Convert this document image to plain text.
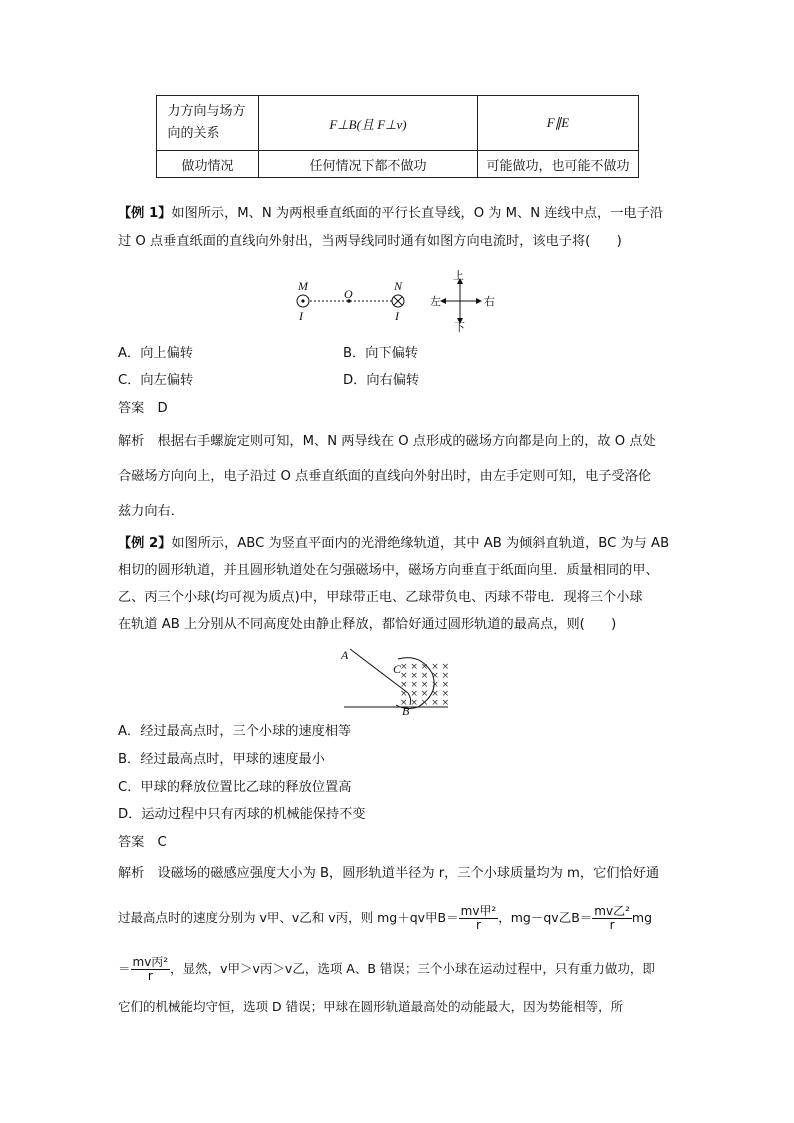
力方向与场方向的关系	F⊥B(且 F⊥v)	F∥E
做功情况	任何情况下都不做功	可能做功，也可能不做功
【例 1】如图所示，M、N 为两根垂直纸面的平行长直导线，O 为 M、N 连线中点，一电子沿
过 O 点垂直纸面的直线向外射出，当两导线同时通有如图方向电流时，该电子将(　　)
M
O
N
I	I
上
下
左	右
A．向上偏转	B．向下偏转
C．向左偏转	D．向右偏转
答案　D
解析　根据右手螺旋定则可知，M、N 两导线在 O 点形成的磁场方向都是向上的，故 O 点处
合磁场方向向上，电子沿过 O 点垂直纸面的直线向外射出时，由左手定则可知，电子受洛伦
兹力向右．
【例 2】如图所示，ABC 为竖直平面内的光滑绝缘轨道，其中 AB 为倾斜直轨道，BC 为与 AB
相切的圆形轨道，并且圆形轨道处在匀强磁场中，磁场方向垂直于纸面向里．质量相同的甲、
乙、丙三个小球(均可视为质点)中，甲球带正电、乙球带负电、丙球不带电．现将三个小球
在轨道 AB 上分别从不同高度处由静止释放，都恰好通过圆形轨道的最高点，则(　　)
× × × × ×
× × × × ×
× × × × ×
× × × × ×
× × × × ×
A
C
B
A．经过最高点时，三个小球的速度相等
B．经过最高点时，甲球的速度最小
C．甲球的释放位置比乙球的释放位置高
D．运动过程中只有丙球的机械能保持不变
答案　C
解析　设磁场的磁感应强度大小为 B，圆形轨道半径为 r，三个小球质量均为 m，它们恰好通
过最高点时的速度分别为 v甲、v乙和 v丙，则 mg＋qv甲$B= \frac{\text{mv甲²}}{r}$ ，mg－qv乙$B= \frac{\text{mv乙²}}{r}$ mg
＝ $\frac{\text{mv丙²}}{r}$ ，显然，v甲＞v丙＞v乙，选项 A、B 错误；三个小球在运动过程中，只有重力做功，即
它们的机械能均守恒，选项 D 错误；甲球在圆形轨道最高处的动能最大，因为势能相等，所
